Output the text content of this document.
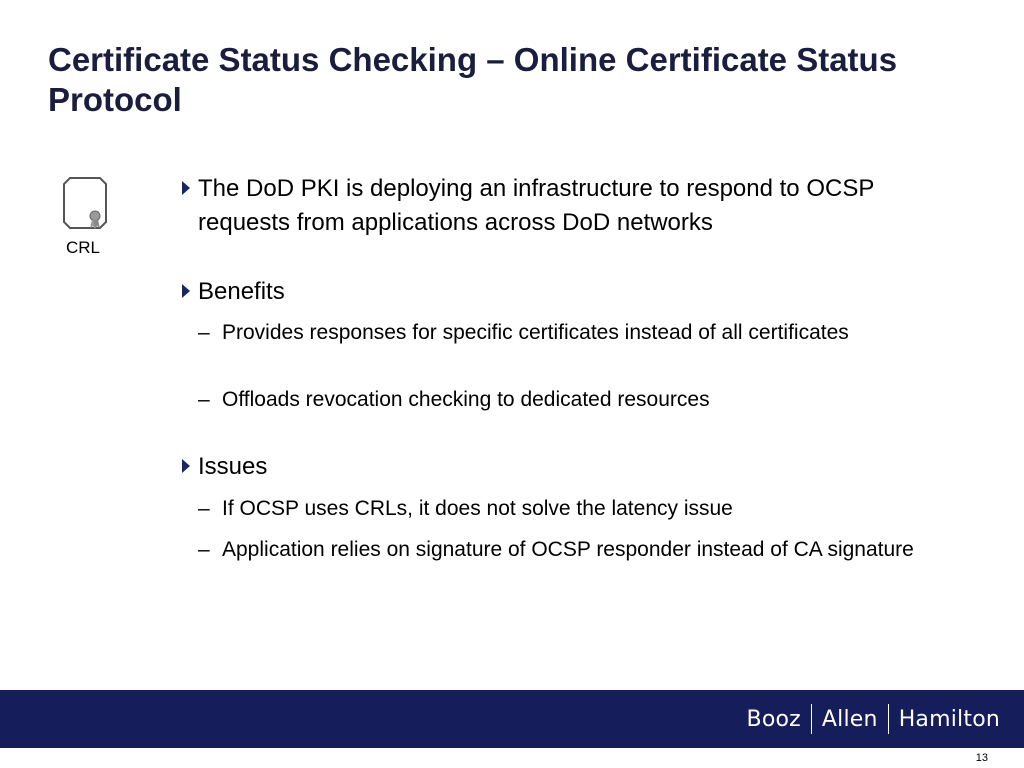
Certificate Status Checking – Online Certificate Status Protocol
CRL
The DoD PKI is deploying an infrastructure to respond to OCSP requests from applications across DoD networks
Benefits
– Provides responses for specific certificates instead of all certificates
– Offloads revocation checking to dedicated resources
Issues
– If OCSP uses CRLs, it does not solve the latency issue
– Application relies on signature of OCSP responder instead of CA signature
Booz Allen Hamilton
13
